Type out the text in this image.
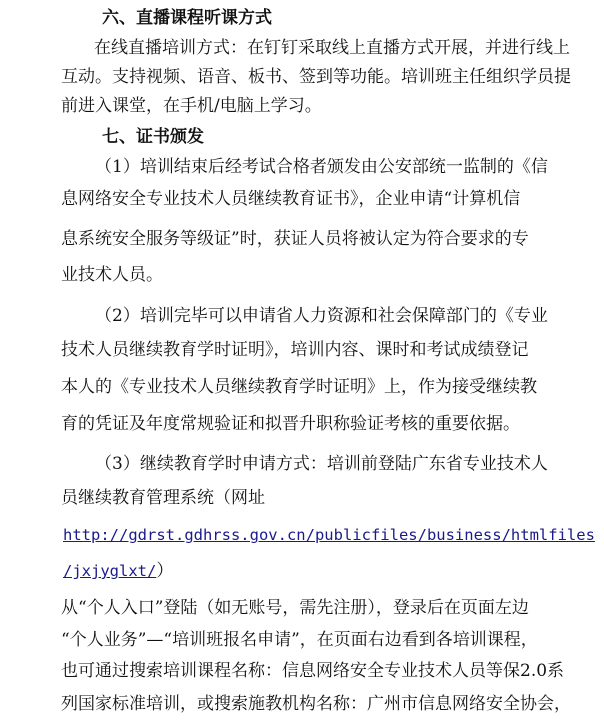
六、直播课程听课方式
在线直播培训方式：在钉钉采取线上直播方式开展，并进行线上
互动。支持视频、语音、板书、签到等功能。培训班主任组织学员提
前进入课堂，在手机/电脑上学习。
七、证书颁发
（1）培训结束后经考试合格者颁发由公安部统一监制的《信
息网络安全专业技术人员继续教育证书》，企业申请“计算机信
息系统安全服务等级证”时，获证人员将被认定为符合要求的专
业技术人员。
（2）培训完毕可以申请省人力资源和社会保障部门的《专业
技术人员继续教育学时证明》，培训内容、课时和考试成绩登记
本人的《专业技术人员继续教育学时证明》上，作为接受继续教
育的凭证及年度常规验证和拟晋升职称验证考核的重要依据。
（3）继续教育学时申请方式：培训前登陆广东省专业技术人
员继续教育管理系统（网址
http://gdrst.gdhrss.gov.cn/publicfiles/business/htmlfiles
/jxjyglxt/）
从“个人入口”登陆（如无账号，需先注册），登录后在页面左边
“个人业务”—“培训班报名申请”，在页面右边看到各培训课程，
也可通过搜索培训课程名称：信息网络安全专业技术人员等保2.0系
列国家标准培训，或搜索施教机构名称：广州市信息网络安全协会，
